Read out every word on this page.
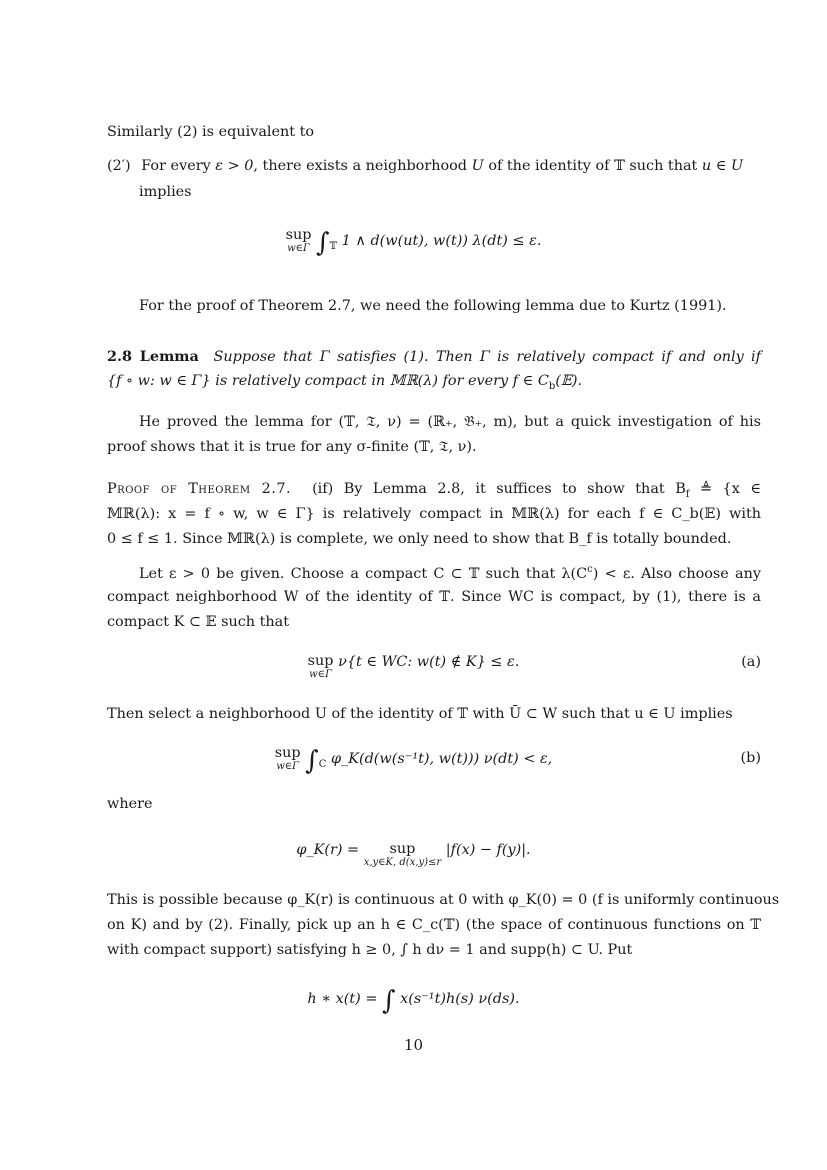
Similarly (2) is equivalent to
(2′) For every ε > 0, there exists a neighborhood U of the identity of 𝕋 such that u ∈ U
implies
sup
w∈Γ $\int_𝕋$ 1 ∧ d(w(ut), w(t)) λ(dt) ≤ ε.
For the proof of Theorem 2.7, we need the following lemma due to Kurtz (1991).
2.8 Lemma Suppose that Γ satisfies (1). Then Γ is relatively compact if and only if
{f ∘ w: w ∈ Γ} is relatively compact in 𝕄ℝ(λ) for every f ∈ $C_b(𝔼)$.
He proved the lemma for (𝕋, 𝔗, ν) = (ℝ₊, 𝔅₊, m), but a quick investigation of his
proof shows that it is true for any σ-finite (𝕋, 𝔗, ν).
Proof of Theorem 2.7. (if) By Lemma 2.8, it suffices to show that $B_f$ ≜ {x ∈
𝕄ℝ(λ): x = f ∘ w, w ∈ Γ} is relatively compact in 𝕄ℝ(λ) for each f ∈ C_b(𝔼) with
0 ≤ f ≤ 1. Since 𝕄ℝ(λ) is complete, we only need to show that B_f is totally bounded.
Let ε > 0 be given. Choose a compact C ⊂ 𝕋 such that $\lambda(C^c) < \varepsilon$. Also choose any
compact neighborhood W of the identity of 𝕋. Since WC is compact, by (1), there is a
compact K ⊂ 𝔼 such that
sup
w∈Γ
ν{t ∈ WC: w(t) ∉ K} ≤ ε.	(a)
Then select a neighborhood U of the identity of 𝕋 with Ū ⊂ W such that u ∈ U implies
sup
w∈Γ $\int_C$ φ_K(d(w(s⁻¹t), w(t))) ν(dt) < ε,	(b)
where
φ_K(r) = sup
x,y∈K, d(x,y)≤r
|f(x) − f(y)|.
This is possible because φ_K(r) is continuous at 0 with φ_K(0) = 0 (f is uniformly continuous
on K) and by (2). Finally, pick up an h ∈ C_c(𝕋) (the space of continuous functions on 𝕋
with compact support) satisfying h ≥ 0, ∫ h dν = 1 and supp(h) ⊂ U. Put
h ∗ x(t) = ∫ x(s⁻¹t)h(s) ν(ds).
10
